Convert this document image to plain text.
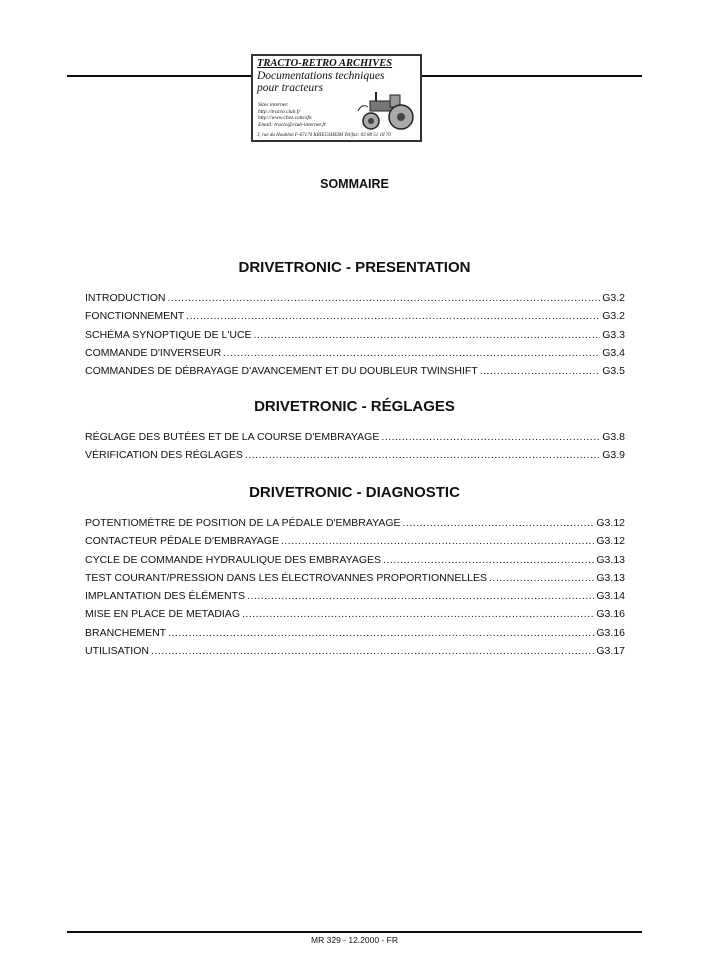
TRACTO-RETRO ARCHIVES
Documentations techniques
pour tracteurs
Sites internet:
http://tracto.club.fr
http://www.chez.com/sfn
Email: tracto@club-internet.fr
3, rue du Houblon F-67170 KRIEGSHEIM Tel/fax: 03 88 51 18 70
SOMMAIRE
DRIVETRONIC - PRESENTATION
INTRODUCTION .....	G3.2
FONCTIONNEMENT .....	G3.2
SCHÉMA SYNOPTIQUE DE L'UCE .....	G3.3
COMMANDE D'INVERSEUR .....	G3.4
COMMANDES DE DÉBRAYAGE D'AVANCEMENT ET DU DOUBLEUR TWINSHIFT .....	G3.5
DRIVETRONIC - RÉGLAGES
RÉGLAGE DES BUTÉES ET DE LA COURSE D'EMBRAYAGE .....	G3.8
VÉRIFICATION DES RÉGLAGES .....	G3.9
DRIVETRONIC - DIAGNOSTIC
POTENTIOMÈTRE DE POSITION DE LA PÉDALE D'EMBRAYAGE .....	G3.12
CONTACTEUR PÉDALE D'EMBRAYAGE .....	G3.12
CYCLE DE COMMANDE HYDRAULIQUE DES EMBRAYAGES .....	G3.13
TEST COURANT/PRESSION DANS LES ÉLECTROVANNES PROPORTIONNELLES .....	G3.13
IMPLANTATION DES ÉLÉMENTS .....	G3.14
MISE EN PLACE DE METADIAG .....	G3.16
BRANCHEMENT .....	G3.16
UTILISATION .....	G3.17
MR 329 - 12.2000 - FR
